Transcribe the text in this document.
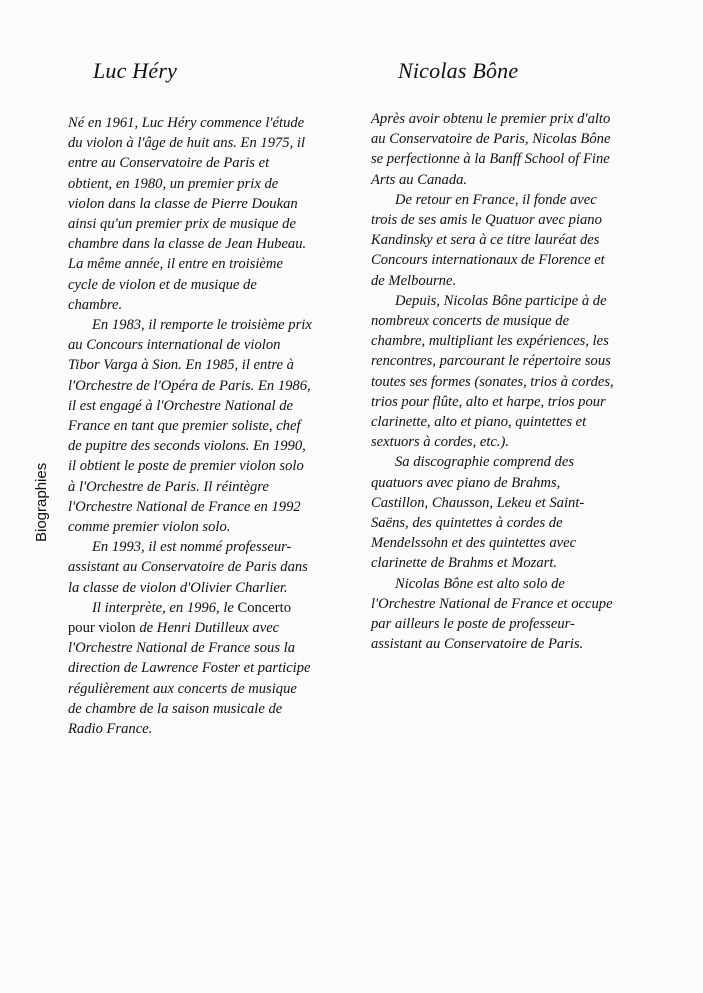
Luc Héry	Nicolas Bône

Né en 1961, Luc Héry commence l'étude

du violon à l'âge de huit ans. En 1975, il

entre au Conservatoire de Paris et

obtient, en 1980, un premier prix de

violon dans la classe de Pierre Doukan

ainsi qu'un premier prix de musique de

chambre dans la classe de Jean Hubeau.

La même année, il entre en troisième

cycle de violon et de musique de

chambre.

En 1983, il remporte le troisième prix

au Concours international de violon

Tibor Varga à Sion. En 1985, il entre à

l'Orchestre de l'Opéra de Paris. En 1986,

il est engagé à l'Orchestre National de

France en tant que premier soliste, chef

de pupitre des seconds violons. En 1990,

il obtient le poste de premier violon solo

à l'Orchestre de Paris. Il réintègre

l'Orchestre National de France en 1992

comme premier violon solo.

En 1993, il est nommé professeur-

assistant au Conservatoire de Paris dans

la classe de violon d'Olivier Charlier.

Il interprète, en 1996, le Concerto

pour violon de Henri Dutilleux avec

l'Orchestre National de France sous la

direction de Lawrence Foster et participe

régulièrement aux concerts de musique

de chambre de la saison musicale de

Radio France.

Après avoir obtenu le premier prix d'alto

au Conservatoire de Paris, Nicolas Bône

se perfectionne à la Banff School of Fine

Arts au Canada.

De retour en France, il fonde avec

trois de ses amis le Quatuor avec piano

Kandinsky et sera à ce titre lauréat des

Concours internationaux de Florence et

de Melbourne.

Depuis, Nicolas Bône participe à de

nombreux concerts de musique de

chambre, multipliant les expériences, les

rencontres, parcourant le répertoire sous

toutes ses formes (sonates, trios à cordes,

trios pour flûte, alto et harpe, trios pour

clarinette, alto et piano, quintettes et

sextuors à cordes, etc.).

Sa discographie comprend des

quatuors avec piano de Brahms,

Castillon, Chausson, Lekeu et Saint-

Saëns, des quintettes à cordes de

Mendelssohn et des quintettes avec

clarinette de Brahms et Mozart.

Nicolas Bône est alto solo de

l'Orchestre National de France et occupe

par ailleurs le poste de professeur-

assistant au Conservatoire de Paris.

Biographies
